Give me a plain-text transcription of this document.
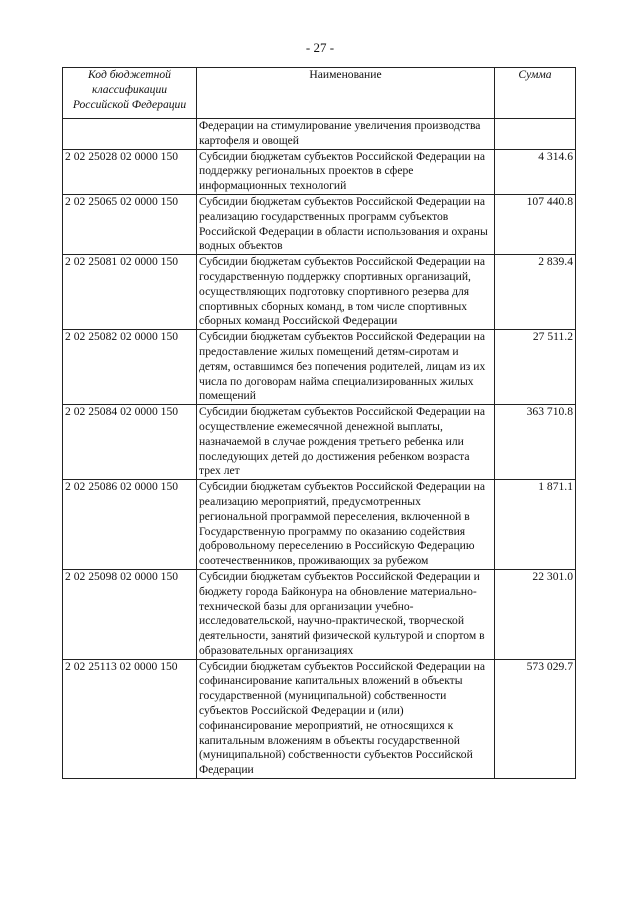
- 27 -
Код бюджетной классификации Российской Федерации	Наименование	Сумма
	Федерации на стимулирование увеличения производства картофеля и овощей	
2 02 25028 02 0000 150	Субсидии бюджетам субъектов Российской Федерации на поддержку региональных проектов в сфере информационных технологий	4 314.6
2 02 25065 02 0000 150	Субсидии бюджетам субъектов Российской Федерации на реализацию государственных программ субъектов Российской Федерации в области использования и охраны водных объектов	107 440.8
2 02 25081 02 0000 150	Субсидии бюджетам субъектов Российской Федерации на государственную поддержку спортивных организаций, осуществляющих подготовку спортивного резерва для спортивных сборных команд, в том числе спортивных сборных команд Российской Федерации	2 839.4
2 02 25082 02 0000 150	Субсидии бюджетам субъектов Российской Федерации на предоставление жилых помещений детям-сиротам и детям, оставшимся без попечения родителей, лицам из их числа по договорам найма специализированных жилых помещений	27 511.2
2 02 25084 02 0000 150	Субсидии бюджетам субъектов Российской Федерации на осуществление ежемесячной денежной выплаты, назначаемой в случае рождения третьего ребенка или последующих детей до достижения ребенком возраста трех лет	363 710.8
2 02 25086 02 0000 150	Субсидии бюджетам субъектов Российской Федерации на реализацию мероприятий, предусмотренных региональной программой переселения, включенной в Государственную программу по оказанию содействия добровольному переселению в Российскую Федерацию соотечественников, проживающих за рубежом	1 871.1
2 02 25098 02 0000 150	Субсидии бюджетам субъектов Российской Федерации и бюджету города Байконура на обновление материально-технической базы для организации учебно-исследовательской, научно-практической, творческой деятельности, занятий физической культурой и спортом в образовательных организациях	22 301.0
2 02 25113 02 0000 150	Субсидии бюджетам субъектов Российской Федерации на софинансирование капитальных вложений в объекты государственной (муниципальной) собственности субъектов Российской Федерации и (или) софинансирование мероприятий, не относящихся к капитальным вложениям в объекты государственной (муниципальной) собственности субъектов Российской Федерации	573 029.7
